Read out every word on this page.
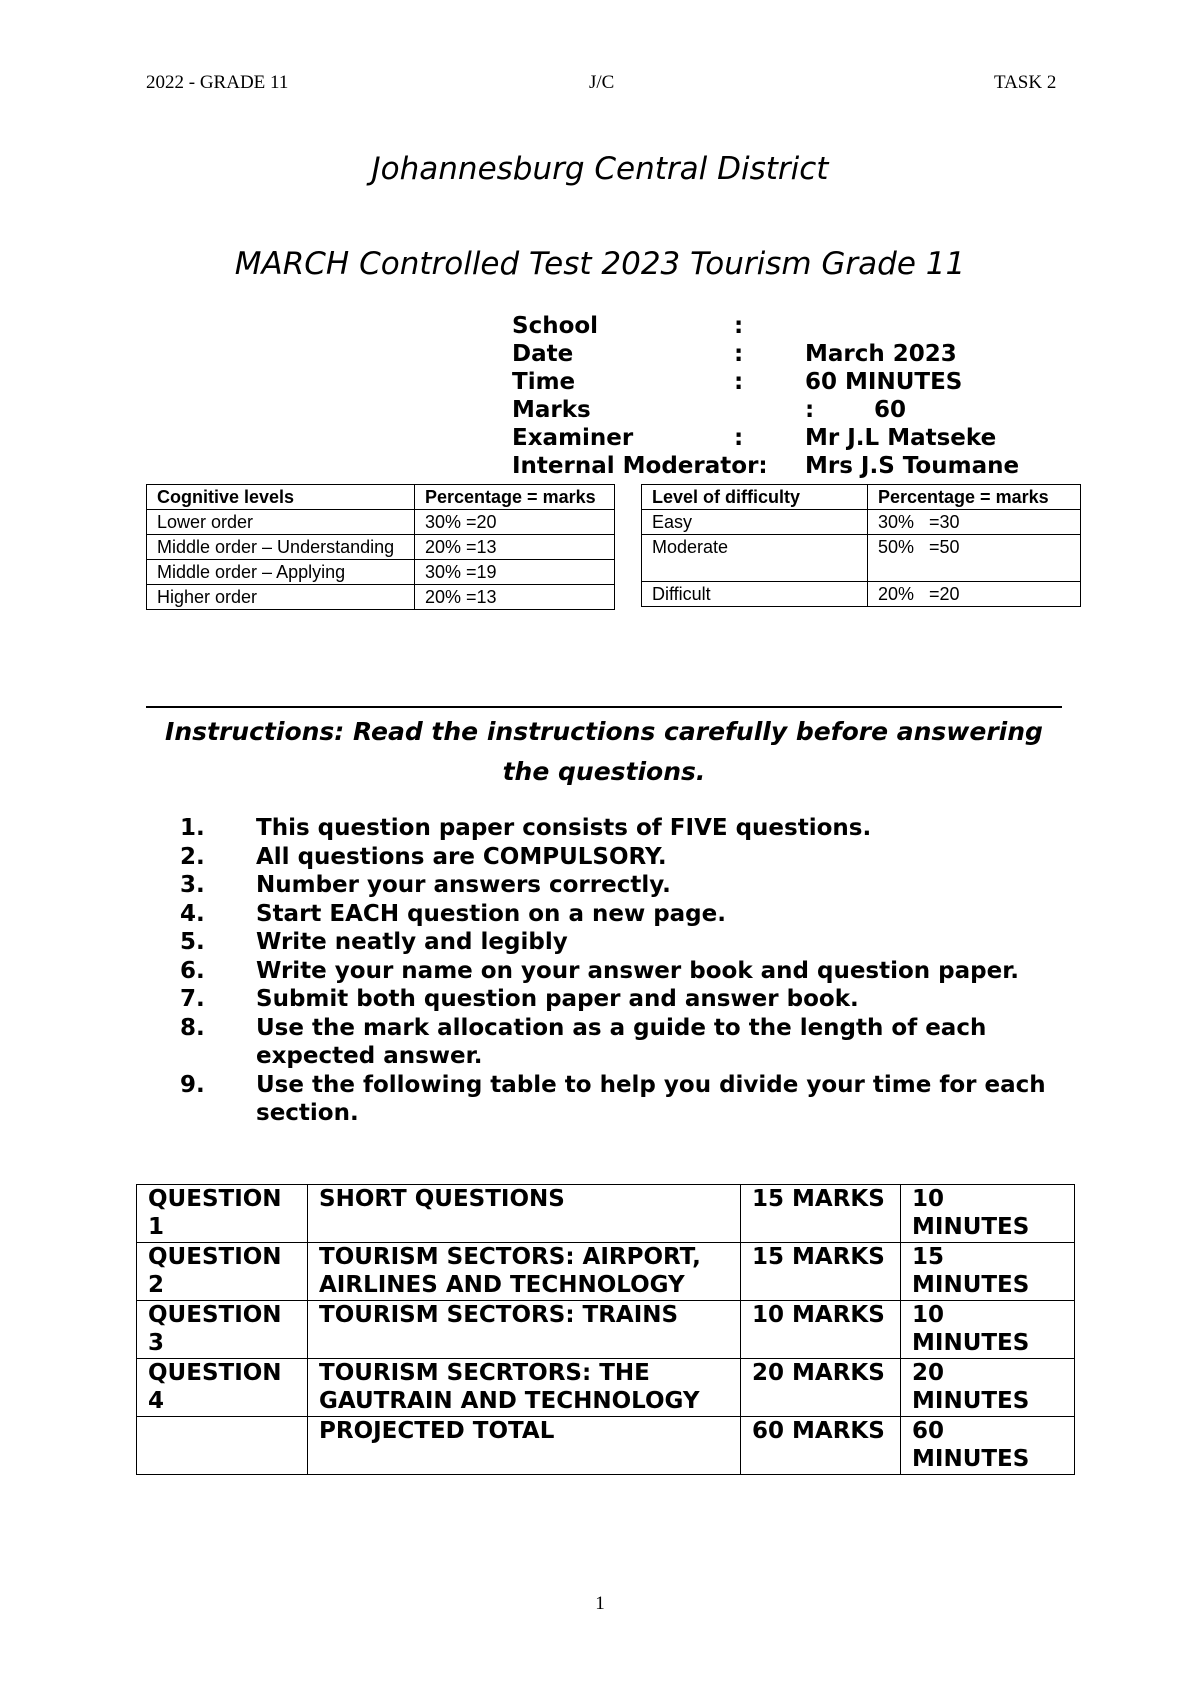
2022 - GRADE 11	J/C	TASK 2
Johannesburg Central District
MARCH Controlled Test 2023 Tourism Grade 11
School	:
Date	:	March 2023
Time	:	60 MINUTES
Marks	:	60
Examiner	:	Mr J.L Matseke
Internal Moderator: Mrs J.S Toumane
Cognitive levels	Percentage = marks
Lower order	30% =20
Middle order – Understanding	20% =13
Middle order – Applying	30% =19
Higher order	20% =13
Level of difficulty	Percentage = marks
Easy	30%   =30
Moderate	50%   =50
Difficult	20%   =20
Instructions: Read the instructions carefully before answering
the questions.
1. This question paper consists of FIVE questions.
2. All questions are COMPULSORY.
3. Number your answers correctly.
4. Start EACH question on a new page.
5. Write neatly and legibly
6. Write your name on your answer book and question paper.
7. Submit both question paper and answer book.
8. Use the mark allocation as a guide to the length of each expected answer.
9. Use the following table to help you divide your time for each section.
QUESTION 1	SHORT QUESTIONS	15 MARKS	10 MINUTES
QUESTION 2	TOURISM SECTORS: AIRPORT, AIRLINES AND TECHNOLOGY	15 MARKS	15 MINUTES
QUESTION 3	TOURISM SECTORS: TRAINS	10 MARKS	10 MINUTES
QUESTION 4	TOURISM SECRTORS: THE GAUTRAIN AND TECHNOLOGY	20 MARKS	20 MINUTES
	PROJECTED TOTAL	60 MARKS	60 MINUTES
1
